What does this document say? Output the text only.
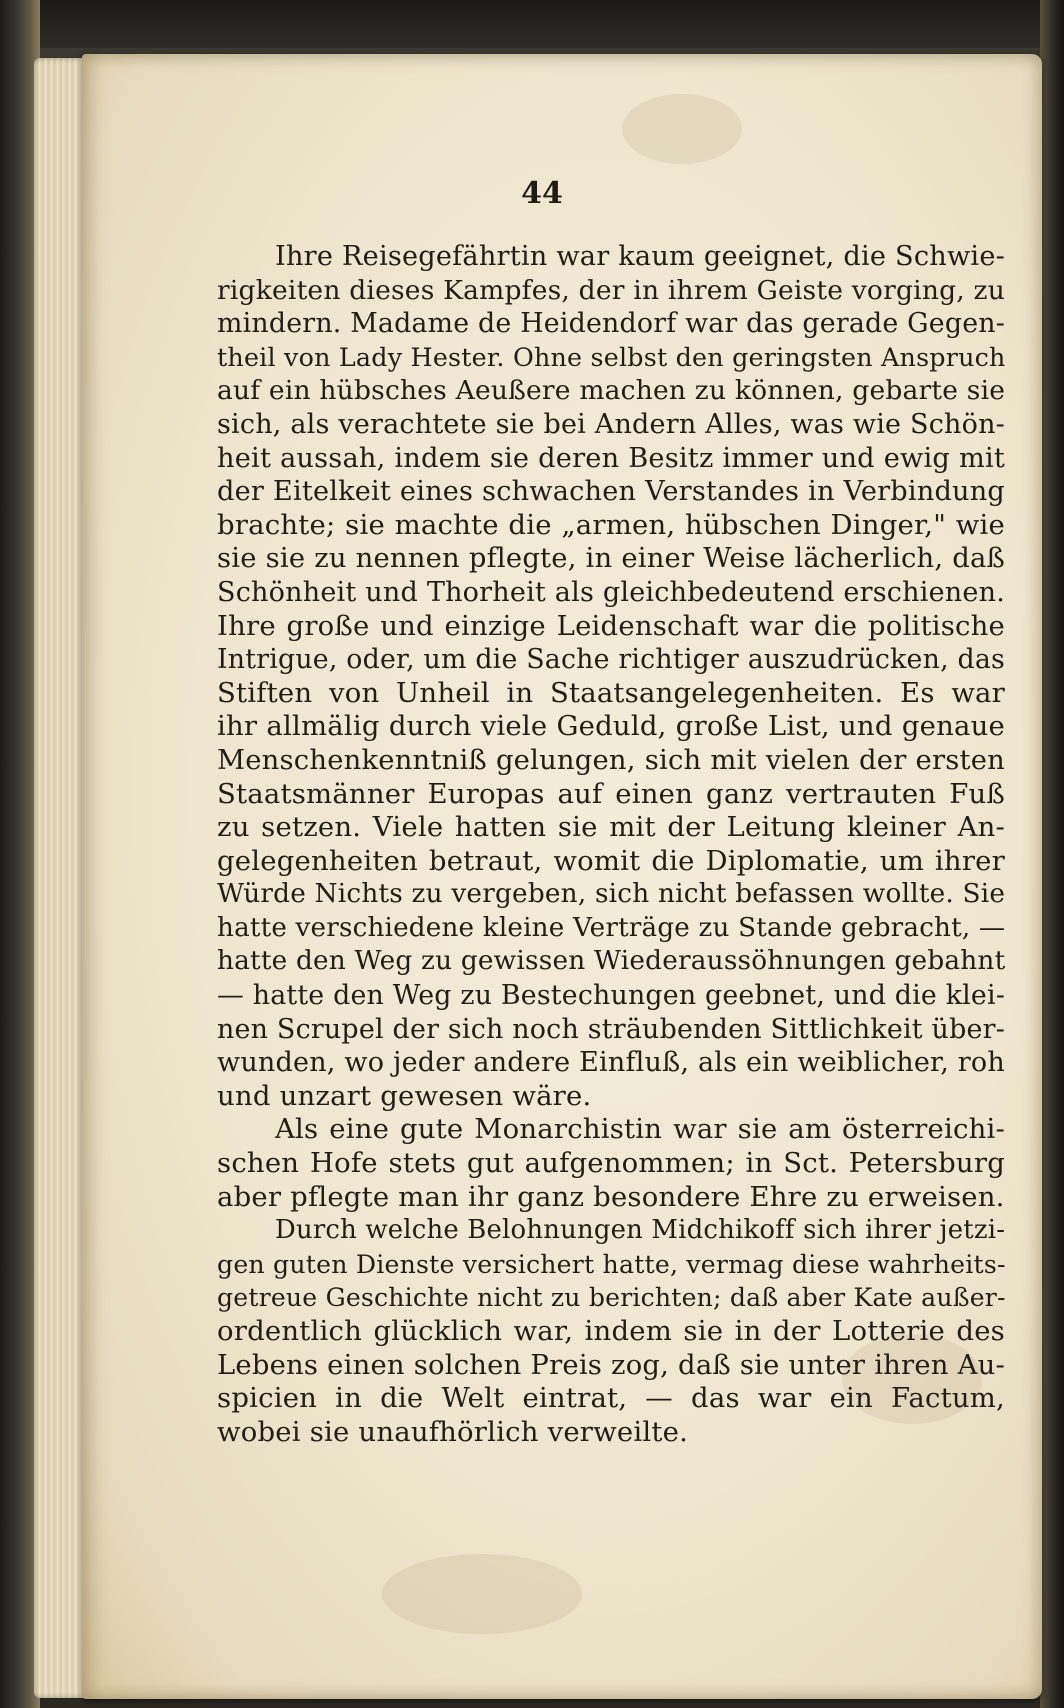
44
Ihre Reisegefährtin war kaum geeignet, die Schwie-
rigkeiten dieses Kampfes, der in ihrem Geiste vorging, zu
mindern. Madame de Heidendorf war das gerade Gegen-
theil von Lady Hester. Ohne selbst den geringsten Anspruch
auf ein hübsches Aeußere machen zu können, gebarte sie
sich, als verachtete sie bei Andern Alles, was wie Schön-
heit aussah, indem sie deren Besitz immer und ewig mit
der Eitelkeit eines schwachen Verstandes in Verbindung
brachte; sie machte die „armen, hübschen Dinger," wie
sie sie zu nennen pflegte, in einer Weise lächerlich, daß
Schönheit und Thorheit als gleichbedeutend erschienen.
Ihre große und einzige Leidenschaft war die politische
Intrigue, oder, um die Sache richtiger auszudrücken, das
Stiften von Unheil in Staatsangelegenheiten. Es war
ihr allmälig durch viele Geduld, große List, und genaue
Menschenkenntniß gelungen, sich mit vielen der ersten
Staatsmänner Europas auf einen ganz vertrauten Fuß
zu setzen. Viele hatten sie mit der Leitung kleiner An-
gelegenheiten betraut, womit die Diplomatie, um ihrer
Würde Nichts zu vergeben, sich nicht befassen wollte. Sie
hatte verschiedene kleine Verträge zu Stande gebracht, —
hatte den Weg zu gewissen Wiederaussöhnungen gebahnt
— hatte den Weg zu Bestechungen geebnet, und die klei-
nen Scrupel der sich noch sträubenden Sittlichkeit über-
wunden, wo jeder andere Einfluß, als ein weiblicher, roh
und unzart gewesen wäre.
Als eine gute Monarchistin war sie am österreichi-
schen Hofe stets gut aufgenommen; in Sct. Petersburg
aber pflegte man ihr ganz besondere Ehre zu erweisen.
Durch welche Belohnungen Midchikoff sich ihrer jetzi-
gen guten Dienste versichert hatte, vermag diese wahrheits-
getreue Geschichte nicht zu berichten; daß aber Kate außer-
ordentlich glücklich war, indem sie in der Lotterie des
Lebens einen solchen Preis zog, daß sie unter ihren Au-
spicien in die Welt eintrat, — das war ein Factum,
wobei sie unaufhörlich verweilte.
